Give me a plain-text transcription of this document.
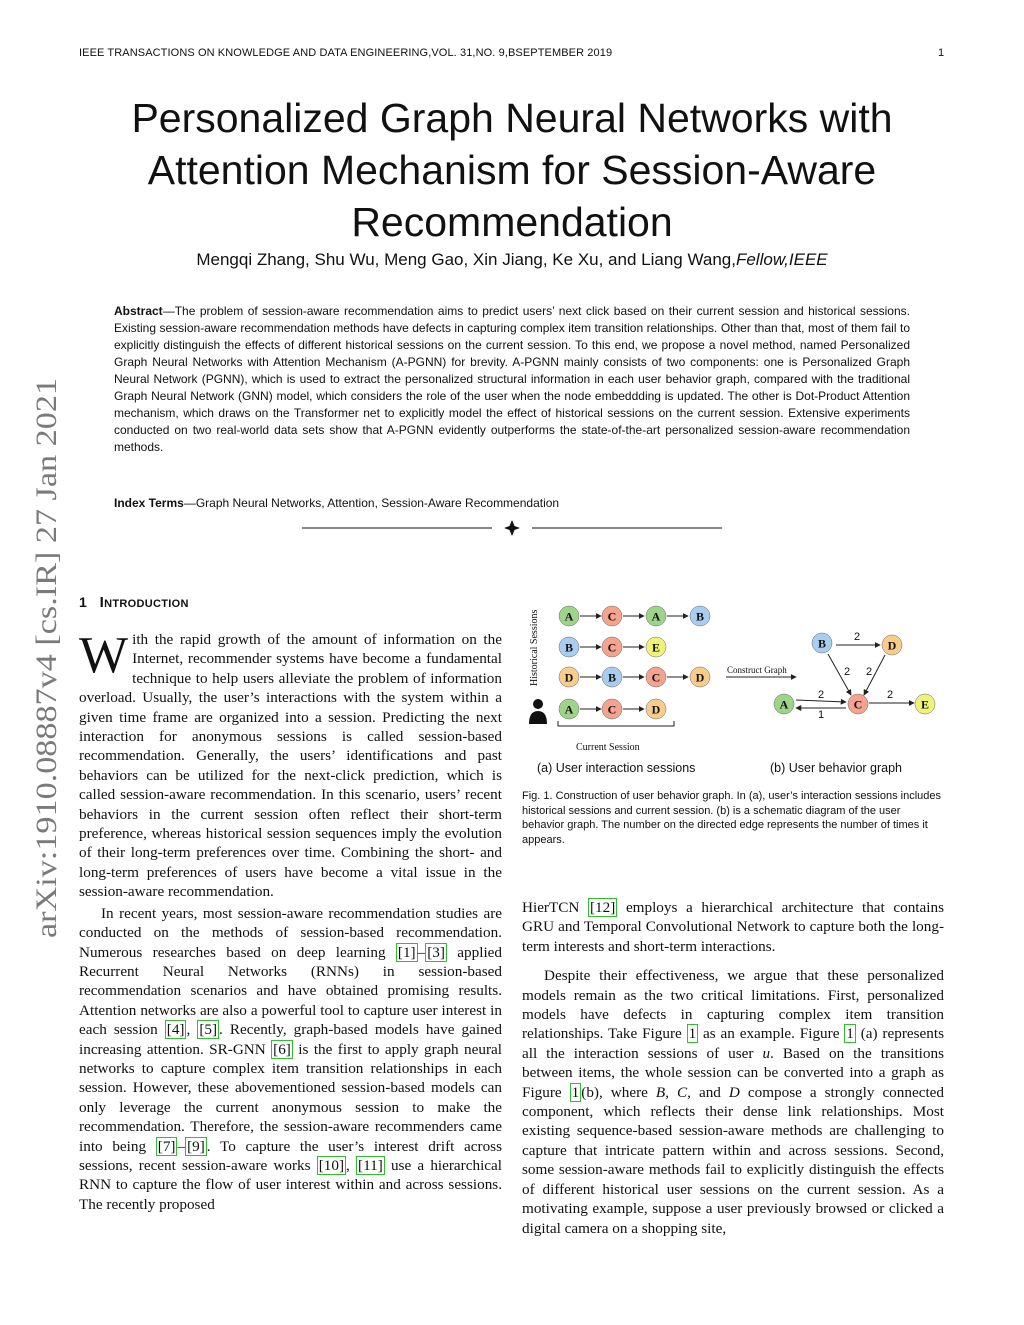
IEEE TRANSACTIONS ON KNOWLEDGE AND DATA ENGINEERING,VOL. 31,NO. 9,BSEPTEMBER 2019	1
arXiv:1910.08887v4 [cs.IR] 27 Jan 2021
Personalized Graph Neural Networks with Attention Mechanism for Session-Aware Recommendation
Mengqi Zhang, Shu Wu, Meng Gao, Xin Jiang, Ke Xu, and Liang Wang,Fellow,IEEE
Abstract—The problem of session-aware recommendation aims to predict users’ next click based on their current session and historical sessions. Existing session-aware recommendation methods have defects in capturing complex item transition relationships. Other than that, most of them fail to explicitly distinguish the effects of different historical sessions on the current session. To this end, we propose a novel method, named Personalized Graph Neural Networks with Attention Mechanism (A-PGNN) for brevity. A-PGNN mainly consists of two components: one is Personalized Graph Neural Network (PGNN), which is used to extract the personalized structural information in each user behavior graph, compared with the traditional Graph Neural Network (GNN) model, which considers the role of the user when the node embeddding is updated. The other is Dot-Product Attention mechanism, which draws on the Transformer net to explicitly model the effect of historical sessions on the current session. Extensive experiments conducted on two real-world data sets show that A-PGNN evidently outperforms the state-of-the-art personalized session-aware recommendation methods.
Index Terms—Graph Neural Networks, Attention, Session-Aware Recommendation
1 INTRODUCTION

With the rapid growth of the amount of information on the Internet, recommender systems have become a fundamental technique to help users alleviate the problem of information overload. Usually, the user’s interactions with the system within a given time frame are organized into a session. Predicting the next interaction for anonymous sessions is called session-based recommendation. Generally, the users’ identifications and past behaviors can be utilized for the next-click prediction, which is called session-aware recommendation. In this scenario, users’ recent behaviors in the current session often reflect their short-term preference, whereas historical session sequences imply the evolution of their long-term preferences over time. Combining the short- and long-term preferences of users have become a vital issue in the session-aware recommendation.

In recent years, most session-aware recommendation studies are conducted on the methods of session-based recommendation. Numerous researches based on deep learning [1] – [3] applied Recurrent Neural Networks (RNNs) in session-based recommendation scenarios and have obtained promising results. Attention networks are also a powerful tool to capture user interest in each session [4] , [5] . Recently, graph-based models have gained increasing attention. SR-GNN [6] is the first to apply graph neural networks to capture complex item transition relationships in each session. However, these abovementioned session-based models can only leverage the current anonymous session to make the recommendation. Therefore, the session-aware recommenders came into being [7] – [9] . To capture the user’s interest drift across sessions, recent session-aware works [10] , [11] use a hierarchical RNN to capture the flow of user interest within and across sessions. The recently proposed

Historical Sessions A	C	A	B
B	C	E
D	B	C	D
A	C	D
Current Session
Construct Graph
2
2 2
2	2
1
A
B
C
D
E
(a) User interaction sessions	(b) User behavior graph
Fig. 1. Construction of user behavior graph. In (a), user’s interaction sessions includes historical sessions and current session. (b) is a schematic diagram of the user behavior graph. The number on the directed edge represents the number of times it appears.

HierTCN [12] employs a hierarchical architecture that contains GRU and Temporal Convolutional Network to capture both the long-term interests and short-term interactions.

Despite their effectiveness, we argue that these personalized models remain as the two critical limitations. First, personalized models have defects in capturing complex item transition relationships. Take Figure 1 as an example. Figure 1 (a) represents all the interaction sessions of user u. Based on the transitions between items, the whole session can be converted into a graph as Figure 1 (b), where B, C, and D compose a strongly connected component, which reflects their dense link relationships. Most existing sequence-based session-aware methods are challenging to capture that intricate pattern within and across sessions. Second, some session-aware methods fail to explicitly distinguish the effects of different historical user sessions on the current session. As a motivating example, suppose a user previously browsed or clicked a digital camera on a shopping site,
